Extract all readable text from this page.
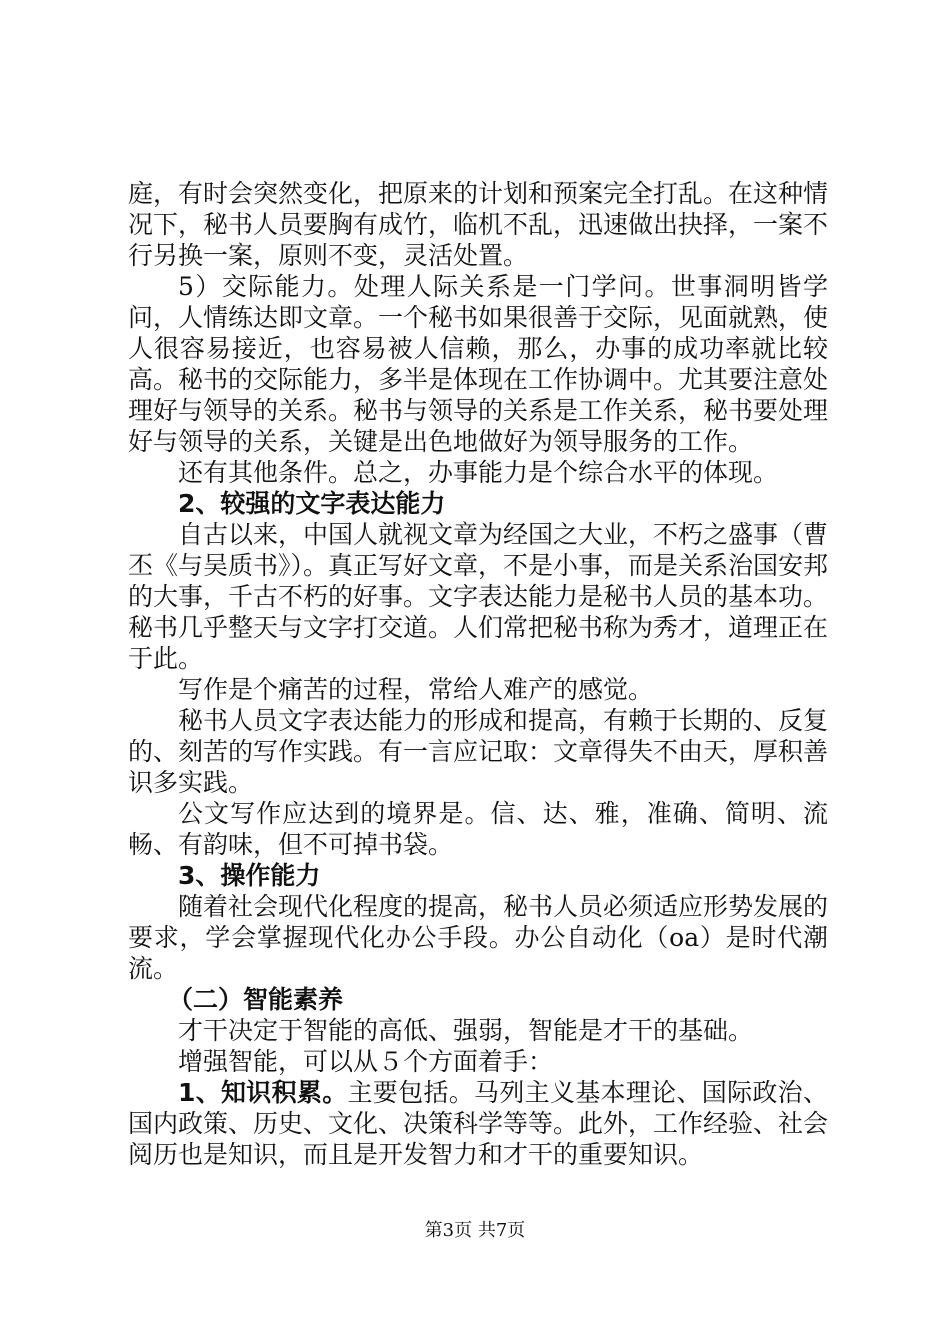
庭，有时会突然变化，把原来的计划和预案完全打乱。在这种情况下，秘书人员要胸有成竹，临机不乱，迅速做出抉择，一案不行另换一案，原则不变，灵活处置。

5）交际能力。处理人际关系是一门学问。世事洞明皆学问，人情练达即文章。一个秘书如果很善于交际，见面就熟，使人很容易接近，也容易被人信赖，那么，办事的成功率就比较高。秘书的交际能力，多半是体现在工作协调中。尤其要注意处理好与领导的关系。秘书与领导的关系是工作关系，秘书要处理好与领导的关系，关键是出色地做好为领导服务的工作。

还有其他条件。总之，办事能力是个综合水平的体现。

2、较强的文字表达能力

自古以来，中国人就视文章为经国之大业，不朽之盛事（曹丕《与吴质书》）。真正写好文章，不是小事，而是关系治国安邦的大事，千古不朽的好事。文字表达能力是秘书人员的基本功。秘书几乎整天与文字打交道。人们常把秘书称为秀才，道理正在于此。

写作是个痛苦的过程，常给人难产的感觉。

秘书人员文字表达能力的形成和提高，有赖于长期的、反复的、刻苦的写作实践。有一言应记取：文章得失不由天，厚积善识多实践。

公文写作应达到的境界是。信、达、雅，准确、简明、流畅、有韵味，但不可掉书袋。

3、操作能力

随着社会现代化程度的提高，秘书人员必须适应形势发展的要求，学会掌握现代化办公手段。办公自动化（oa）是时代潮流。

（二）智能素养

才干决定于智能的高低、强弱，智能是才干的基础。

增强智能，可以从５个方面着手：

1、知识积累。主要包括。马列主义基本理论、国际政治、国内政策、历史、文化、决策科学等等。此外，工作经验、社会阅历也是知识，而且是开发智力和才干的重要知识。

第3页 共7页
